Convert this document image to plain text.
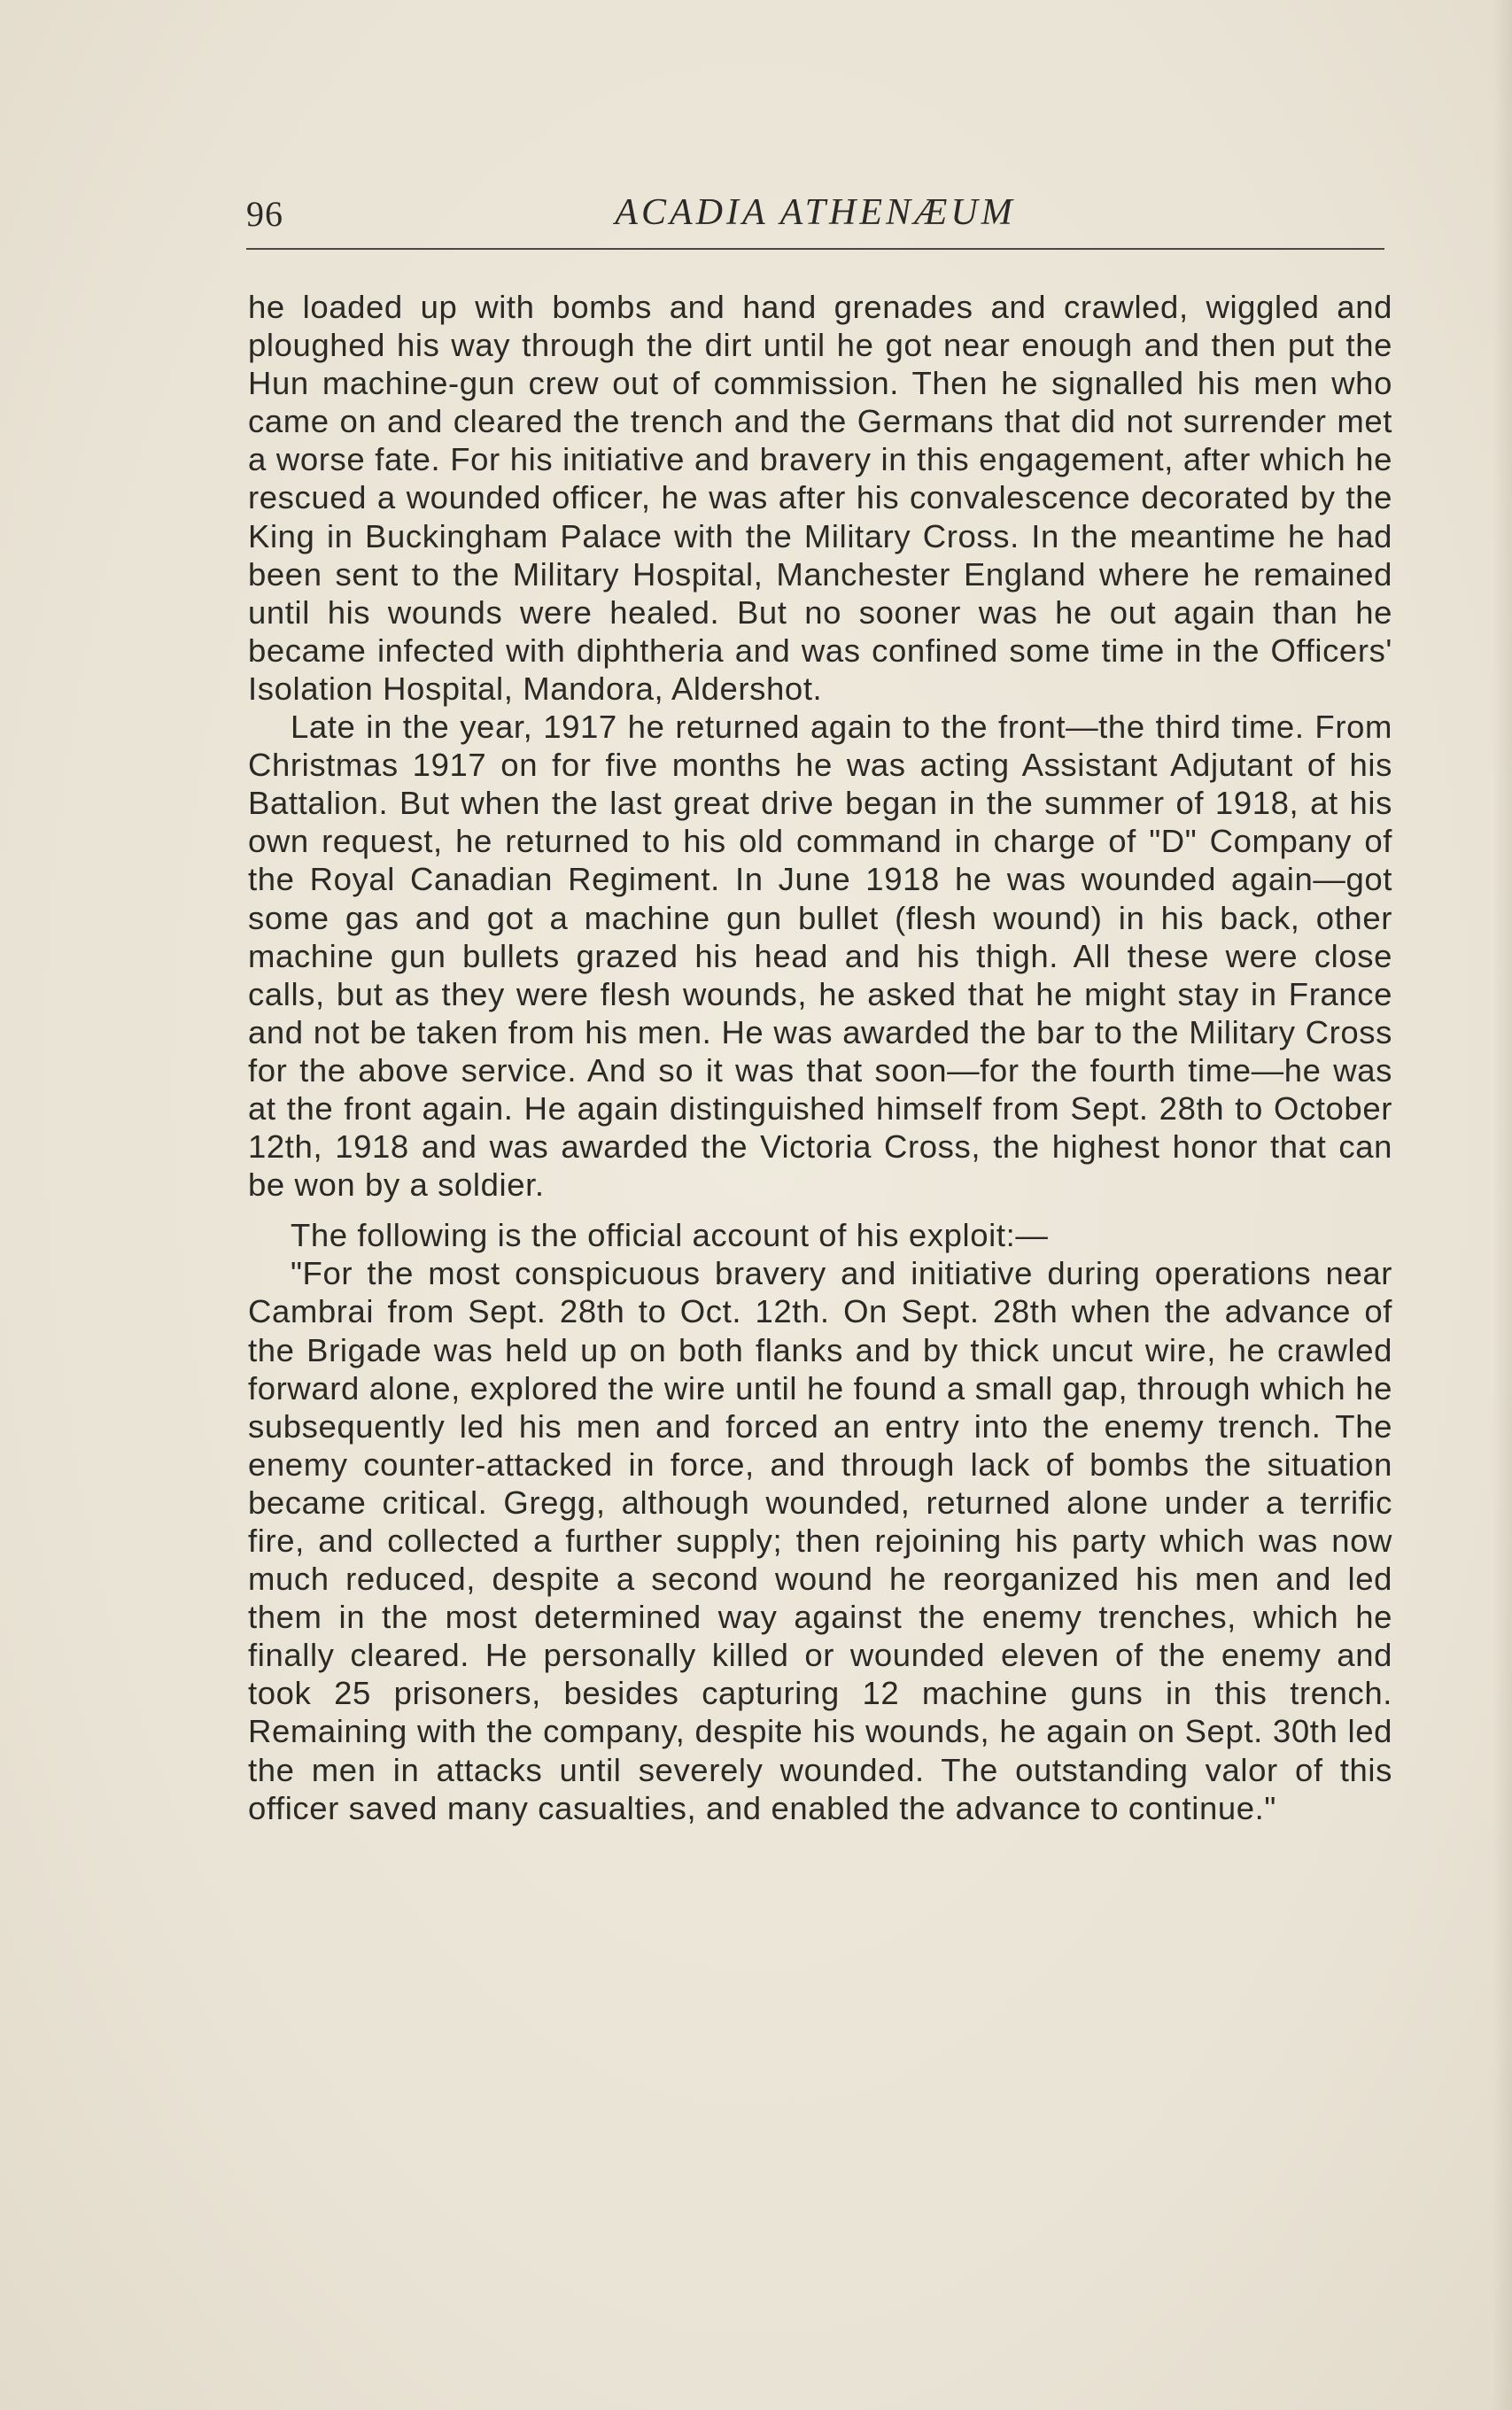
96	ACADIA ATHENÆUM

he loaded up with bombs and hand grenades and crawled, wiggled and ploughed his way through the dirt until he got near enough and then put the Hun machine-gun crew out of commission. Then he signalled his men who came on and cleared the trench and the Germans that did not surrender met a worse fate. For his initiative and bravery in this engagement, after which he rescued a wounded officer, he was after his convalescence decorated by the King in Buckingham Palace with the Military Cross. In the meantime he had been sent to the Military Hospital, Manchester England where he remained until his wounds were healed. But no sooner was he out again than he became infected with diphtheria and was confined some time in the Officers' Isolation Hospital, Mandora, Aldershot.

Late in the year, 1917 he returned again to the front—the third time. From Christmas 1917 on for five months he was acting Assistant Adjutant of his Battalion. But when the last great drive began in the summer of 1918, at his own request, he returned to his old command in charge of "D" Company of the Royal Canadian Regiment. In June 1918 he was wounded again—got some gas and got a machine gun bullet (flesh wound) in his back, other machine gun bullets grazed his head and his thigh. All these were close calls, but as they were flesh wounds, he asked that he might stay in France and not be taken from his men. He was awarded the bar to the Military Cross for the above service. And so it was that soon—for the fourth time—he was at the front again. He again distinguished himself from Sept. 28th to October 12th, 1918 and was awarded the Victoria Cross, the highest honor that can be won by a soldier.

The following is the official account of his exploit:—

"For the most conspicuous bravery and initiative during operations near Cambrai from Sept. 28th to Oct. 12th. On Sept. 28th when the advance of the Brigade was held up on both flanks and by thick uncut wire, he crawled forward alone, explored the wire until he found a small gap, through which he subsequently led his men and forced an entry into the enemy trench. The enemy counter-attacked in force, and through lack of bombs the situation became critical. Gregg, although wounded, returned alone under a terrific fire, and collected a further supply; then rejoining his party which was now much reduced, despite a second wound he reorganized his men and led them in the most determined way against the enemy trenches, which he finally cleared. He personally killed or wounded eleven of the enemy and took 25 prisoners, besides capturing 12 machine guns in this trench. Remaining with the company, despite his wounds, he again on Sept. 30th led the men in attacks until severely wounded. The outstanding valor of this officer saved many casualties, and enabled the advance to continue."
